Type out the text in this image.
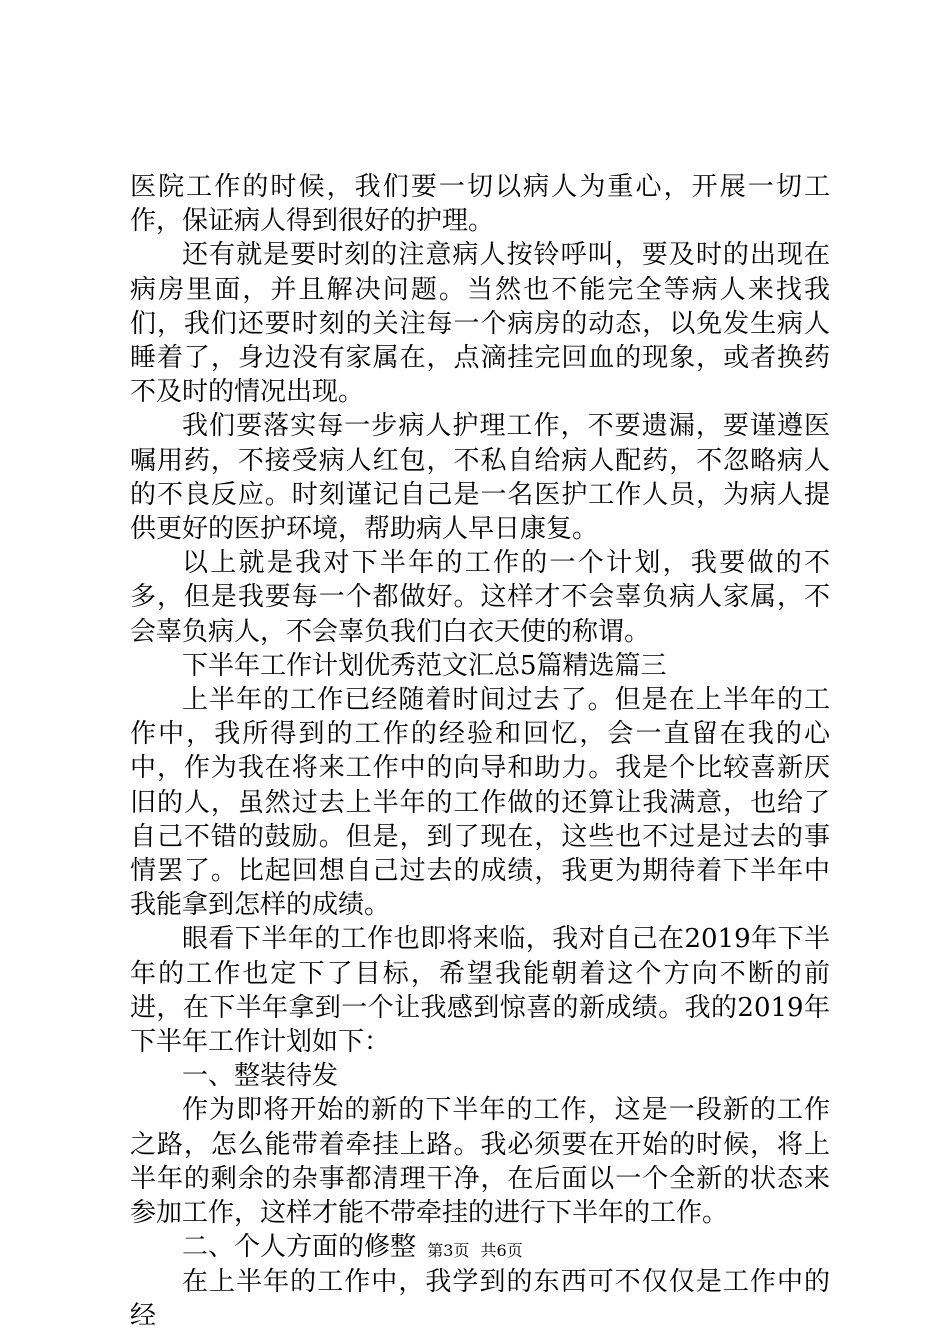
医院工作的时候，我们要一切以病人为重心，开展一切工作，保证病人得到很好的护理。

还有就是要时刻的注意病人按铃呼叫，要及时的出现在病房里面，并且解决问题。当然也不能完全等病人来找我们，我们还要时刻的关注每一个病房的动态，以免发生病人睡着了，身边没有家属在，点滴挂完回血的现象，或者换药不及时的情况出现。

我们要落实每一步病人护理工作，不要遗漏，要谨遵医嘱用药，不接受病人红包，不私自给病人配药，不忽略病人的不良反应。时刻谨记自己是一名医护工作人员，为病人提供更好的医护环境，帮助病人早日康复。

以上就是我对下半年的工作的一个计划，我要做的不多，但是我要每一个都做好。这样才不会辜负病人家属，不会辜负病人，不会辜负我们白衣天使的称谓。

下半年工作计划优秀范文汇总5篇精选篇三

上半年的工作已经随着时间过去了。但是在上半年的工作中，我所得到的工作的经验和回忆，会一直留在我的心中，作为我在将来工作中的向导和助力。我是个比较喜新厌旧的人，虽然过去上半年的工作做的还算让我满意，也给了自己不错的鼓励。但是，到了现在，这些也不过是过去的事情罢了。比起回想自己过去的成绩，我更为期待着下半年中我能拿到怎样的成绩。

眼看下半年的工作也即将来临，我对自己在2019年下半年的工作也定下了目标，希望我能朝着这个方向不断的前进，在下半年拿到一个让我感到惊喜的新成绩。我的2019年下半年工作计划如下：

一、整装待发

作为即将开始的新的下半年的工作，这是一段新的工作之路，怎么能带着牵挂上路。我必须要在开始的时候，将上半年的剩余的杂事都清理干净，在后面以一个全新的状态来参加工作，这样才能不带牵挂的进行下半年的工作。

二、个人方面的修整

在上半年的工作中，我学到的东西可不仅仅是工作中的经

第3页 共6页
